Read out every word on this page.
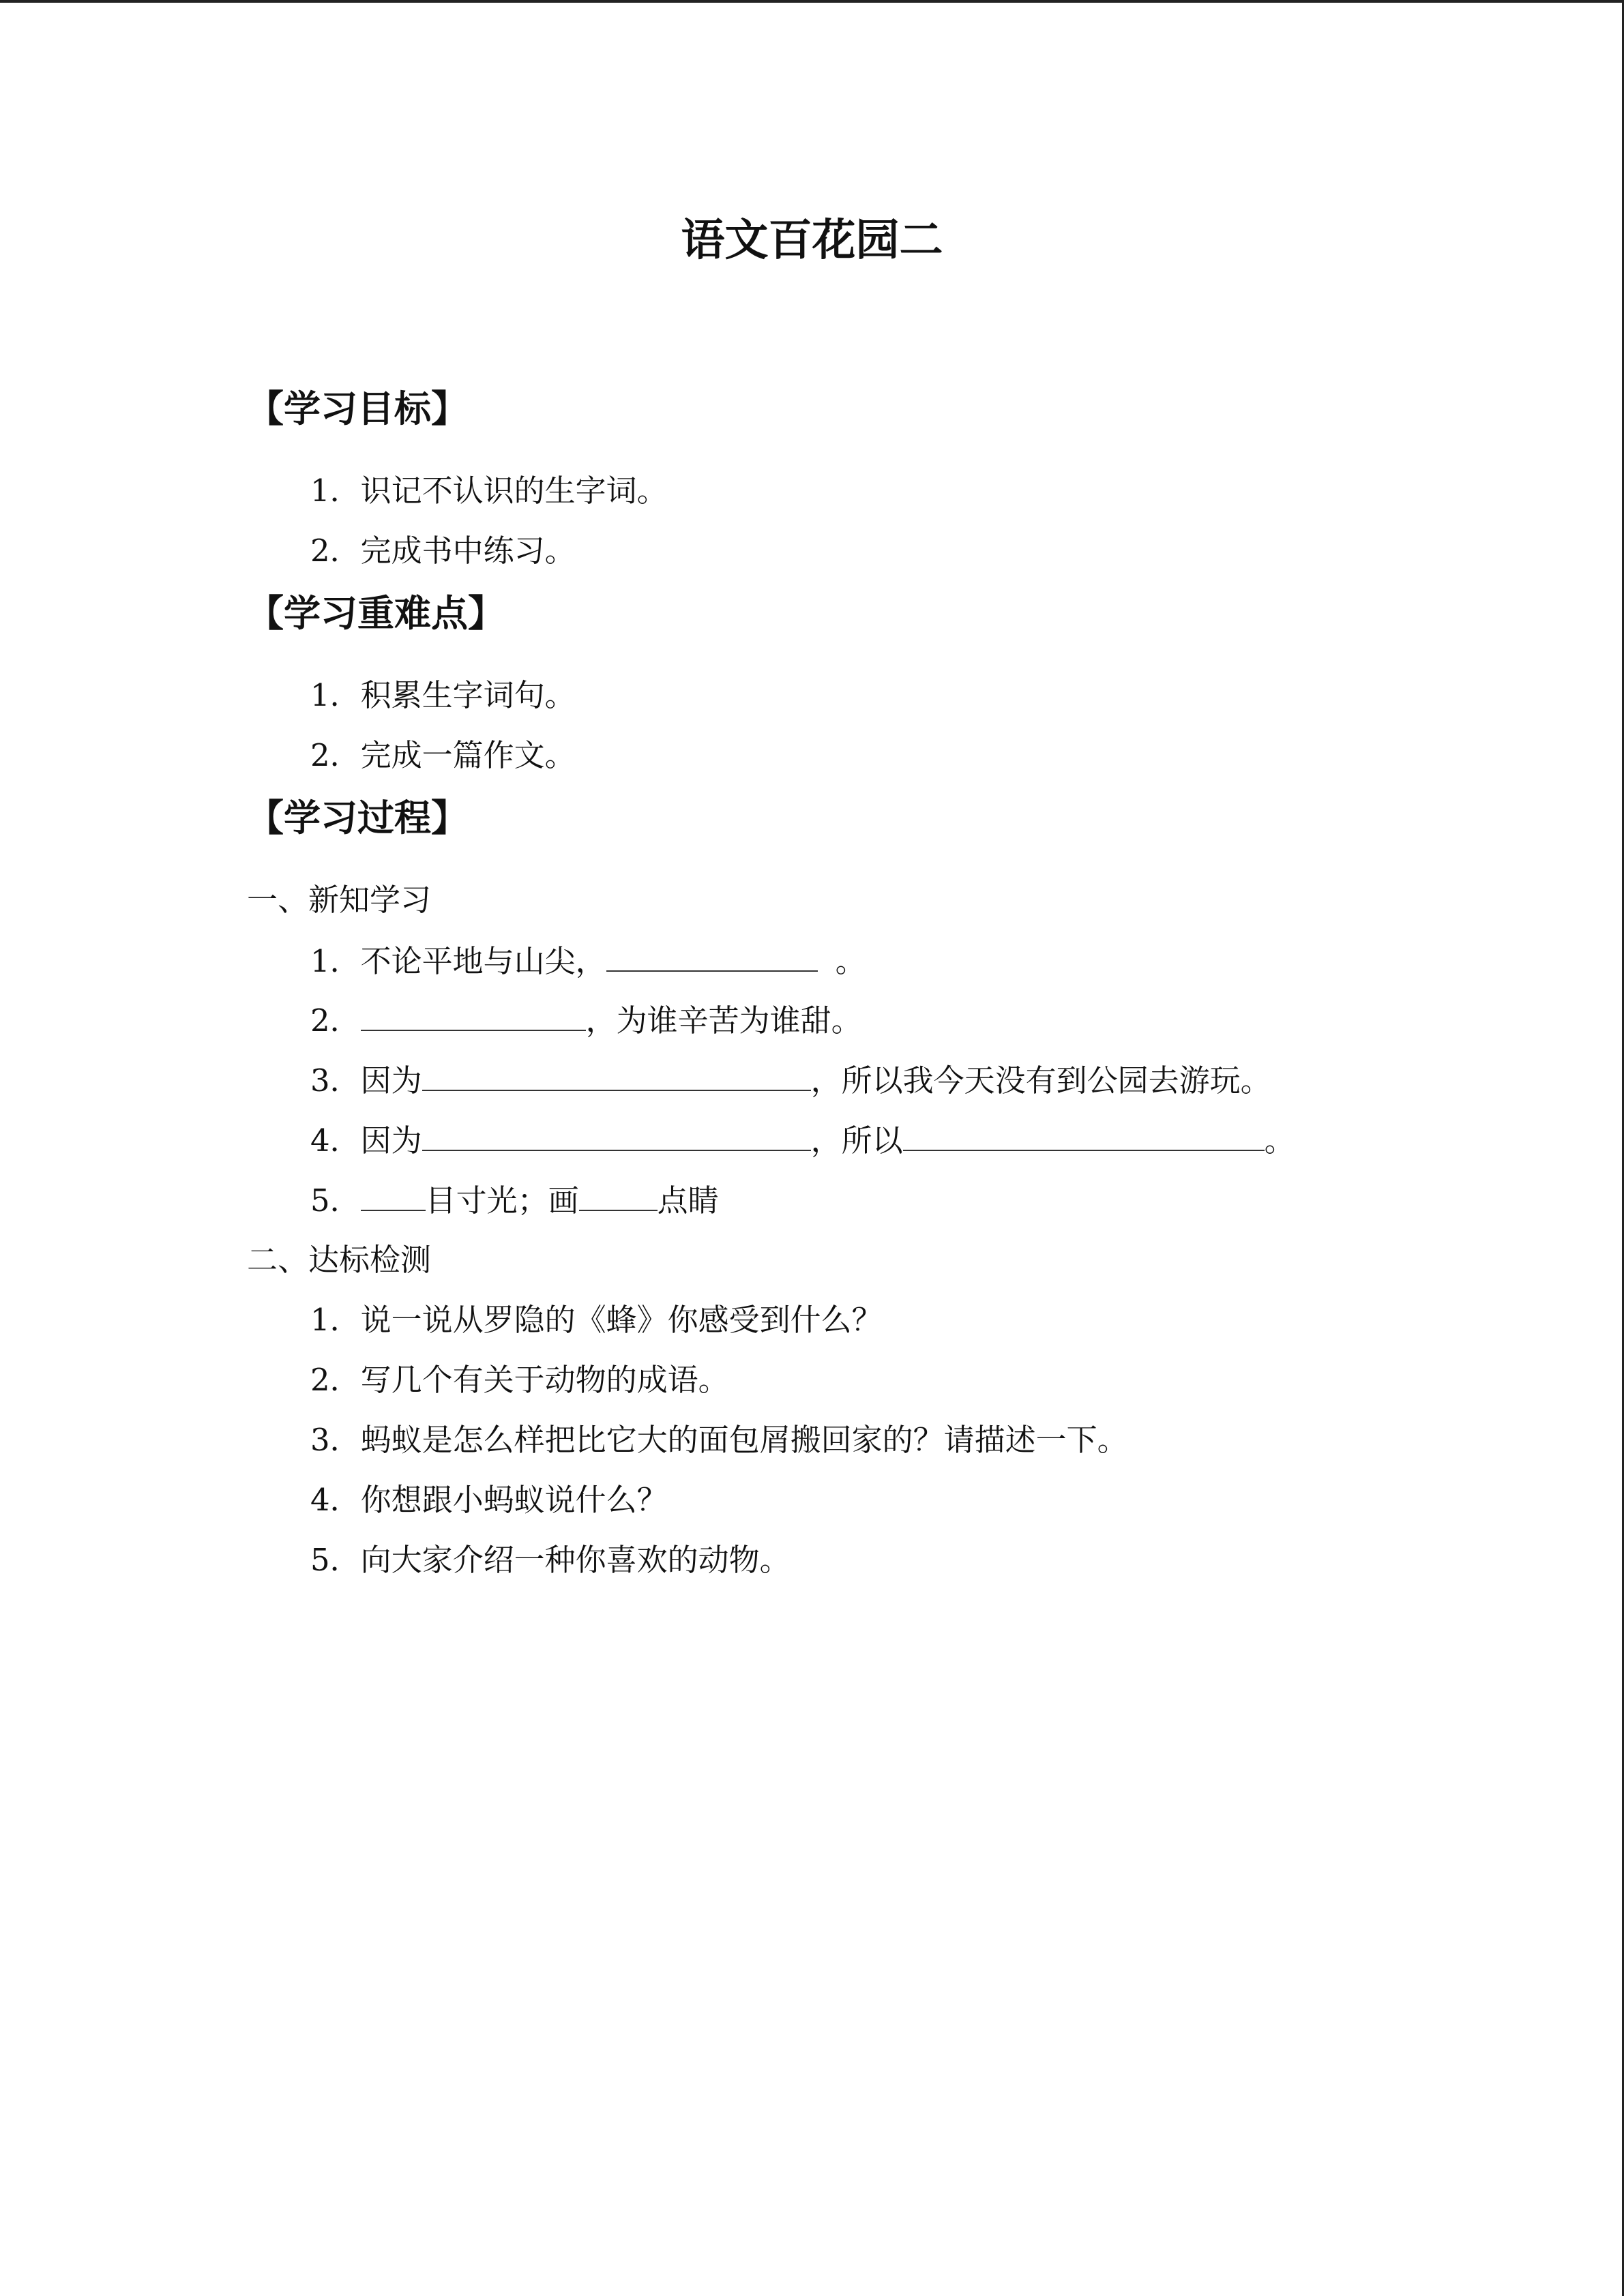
语文百花园二
【学习目标】
1．识记不认识的生字词。
2．完成书中练习。
【学习重难点】
1．积累生字词句。
2．完成一篇作文。
【学习过程】
一、新知学习
1．不论平地与山尖，	。
2．	，为谁辛苦为谁甜。
3．因为	，所以我今天没有到公园去游玩。
4．因为	，所以	。
5． 目寸光；画	点睛
二、达标检测
1．说一说从罗隐的《蜂》你感受到什么？
2．写几个有关于动物的成语。
3．蚂蚁是怎么样把比它大的面包屑搬回家的？请描述一下。
4．你想跟小蚂蚁说什么？
5．向大家介绍一种你喜欢的动物。
